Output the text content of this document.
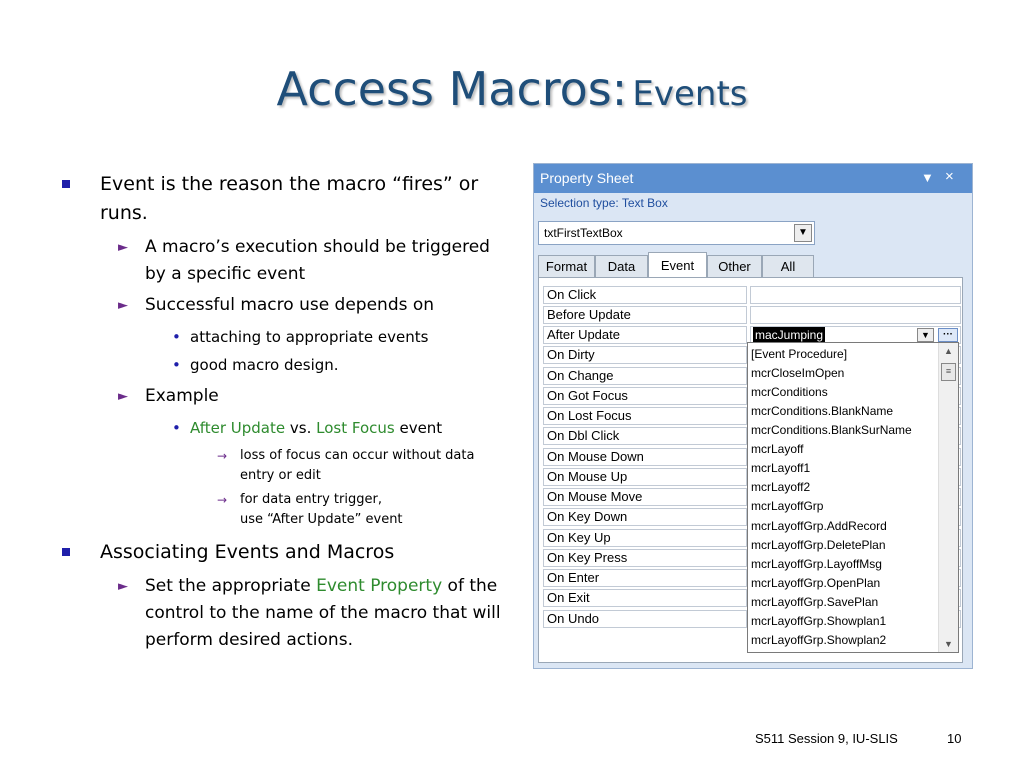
Access Macros: Events
Event is the reason the macro “fires” or runs.
► A macro’s execution should be triggered by a specific event
► Successful macro use depends on
• attaching to appropriate events
• good macro design.
► Example
• After Update vs. Lost Focus event
→ loss of focus can occur without data entry or edit
→ for data entry trigger,
use “After Update” event
Associating Events and Macros
► Set the appropriate Event Property of the control to the name of the macro that will perform desired actions.
Property Sheet	▼ ×
Selection type: Text Box
txtFirstTextBox	▼
Format	Data	Event	Other	All
On Click
Before Update
After Update	macJumping	▼	···
On Dirty
On Change
On Got Focus
On Lost Focus
On Dbl Click
On Mouse Down
On Mouse Up
On Mouse Move
On Key Down
On Key Up
On Key Press
On Enter
On Exit
On Undo
[Event Procedure]
mcrCloseImOpen
mcrConditions
mcrConditions.BlankName
mcrConditions.BlankSurName
mcrLayoff
mcrLayoff1
mcrLayoff2
mcrLayoffGrp
mcrLayoffGrp.AddRecord
mcrLayoffGrp.DeletePlan
mcrLayoffGrp.LayoffMsg
mcrLayoffGrp.OpenPlan
mcrLayoffGrp.SavePlan
mcrLayoffGrp.Showplan1
mcrLayoffGrp.Showplan2
▲
≡
▼
S511 Session 9, IU-SLIS	10
